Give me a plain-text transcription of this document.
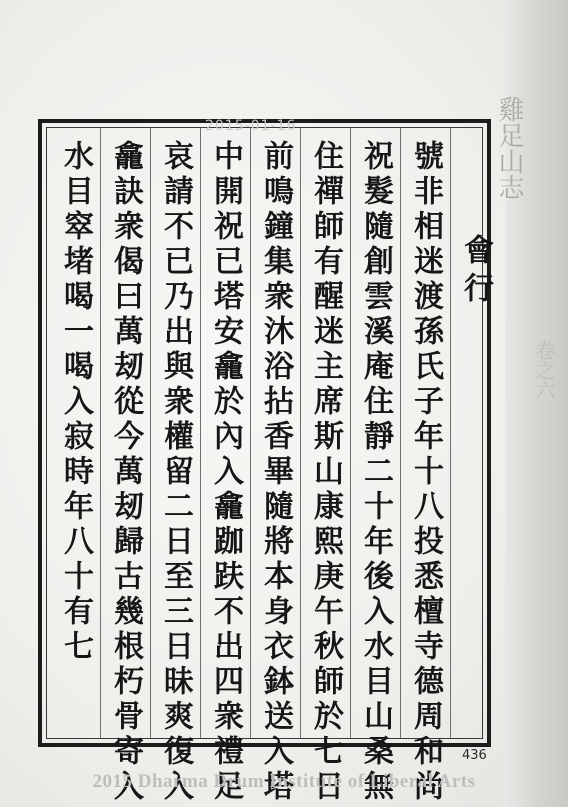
雞足山志
卷之六
會行
號非相迷渡孫氏子年十八投悉檀寺德周和尚
祝髮隨創雲溪庵住靜二十年後入水目山桑無
住禪師有醒迷主席斯山康熙庚午秋師於七日
前鳴鐘集衆沐浴拈香畢隨將本身衣鉢送入塔
中開祝已塔安龕於內入龕跏趺不出四衆禮足
哀請不已乃出與衆權留二日至三日昧爽復入
龕訣衆偈曰萬刼從今萬刼歸古幾根朽骨寄入
水目窣堵喝一喝入寂時年八十有七
2015-01-16
436
2015 Dharma Drum Institute of Liberal Arts
